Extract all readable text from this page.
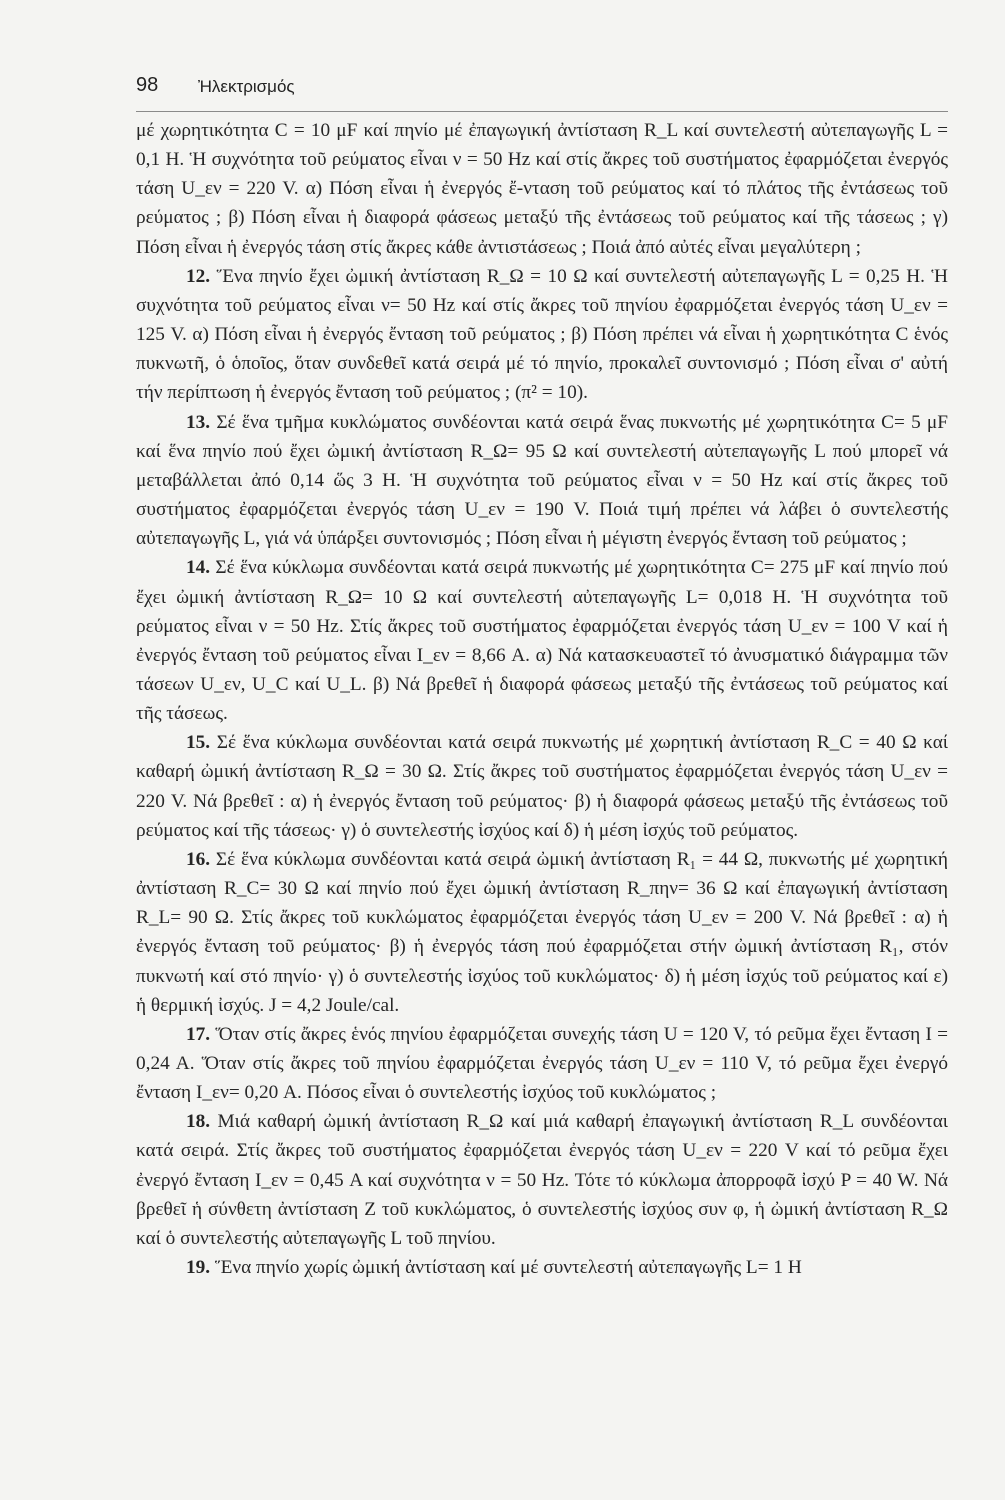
98 Ἠλεκτρισμός

μέ χωρητικότητα C = 10 μF καί πηνίο μέ ἐπαγωγική ἀντίσταση R_L καί συντελεστή αὐτεπαγωγῆς L = 0,1 H. Ἡ συχνότητα τοῦ ρεύματος εἶναι ν = 50 Hz καί στίς ἄκρες τοῦ συστήματος ἐφαρμόζεται ἐνεργός τάση U_εν = 220 V. α) Πόση εἶναι ἡ ἐνεργός ἔ-νταση τοῦ ρεύματος καί τό πλάτος τῆς ἐντάσεως τοῦ ρεύματος ; β) Πόση εἶναι ἡ διαφορά φάσεως μεταξύ τῆς ἐντάσεως τοῦ ρεύματος καί τῆς τάσεως ; γ) Πόση εἶναι ἡ ἐνεργός τάση στίς ἄκρες κάθε ἀντιστάσεως ; Ποιά ἀπό αὐτές εἶναι μεγαλύτερη ;

12. Ἕνα πηνίο ἔχει ὠμική ἀντίσταση R_Ω = 10 Ω καί συντελεστή αὐτεπαγωγῆς L = 0,25 H. Ἡ συχνότητα τοῦ ρεύματος εἶναι ν= 50 Hz καί στίς ἄκρες τοῦ πηνίου ἐφαρμόζεται ἐνεργός τάση U_εν = 125 V. α) Πόση εἶναι ἡ ἐνεργός ἔνταση τοῦ ρεύματος ; β) Πόση πρέπει νά εἶναι ἡ χωρητικότητα C ἑνός πυκνωτῆ, ὁ ὁποῖος, ὅταν συνδεθεῖ κατά σειρά μέ τό πηνίο, προκαλεῖ συντονισμό ; Πόση εἶναι σ' αὐτή τήν περίπτωση ἡ ἐνεργός ἔνταση τοῦ ρεύματος ; (π² = 10).

13. Σέ ἕνα τμῆμα κυκλώματος συνδέονται κατά σειρά ἕνας πυκνωτής μέ χωρητικότητα C= 5 μF καί ἕνα πηνίο πού ἔχει ὠμική ἀντίσταση R_Ω= 95 Ω καί συντελεστή αὐτεπαγωγῆς L πού μπορεῖ νά μεταβάλλεται ἀπό 0,14 ὥς 3 H. Ἡ συχνότητα τοῦ ρεύματος εἶναι ν = 50 Hz καί στίς ἄκρες τοῦ συστήματος ἐφαρμόζεται ἐνεργός τάση U_εν = 190 V. Ποιά τιμή πρέπει νά λάβει ὁ συντελεστής αὐτεπαγωγῆς L, γιά νά ὑπάρξει συντονισμός ; Πόση εἶναι ἡ μέγιστη ἐνεργός ἔνταση τοῦ ρεύματος ;

14. Σέ ἕνα κύκλωμα συνδέονται κατά σειρά πυκνωτής μέ χωρητικότητα C= 275 μF καί πηνίο πού ἔχει ὠμική ἀντίσταση R_Ω= 10 Ω καί συντελεστή αὐτεπαγωγῆς L= 0,018 H. Ἡ συχνότητα τοῦ ρεύματος εἶναι ν = 50 Hz. Στίς ἄκρες τοῦ συστήματος ἐφαρμόζεται ἐνεργός τάση U_εν = 100 V καί ἡ ἐνεργός ἔνταση τοῦ ρεύματος εἶναι I_εν = 8,66 A. α) Νά κατασκευαστεῖ τό ἀνυσματικό διάγραμμα τῶν τάσεων U_εν, U_C καί U_L. β) Νά βρεθεῖ ἡ διαφορά φάσεως μεταξύ τῆς ἐντάσεως τοῦ ρεύματος καί τῆς τάσεως.

15. Σέ ἕνα κύκλωμα συνδέονται κατά σειρά πυκνωτής μέ χωρητική ἀντίσταση R_C = 40 Ω καί καθαρή ὠμική ἀντίσταση R_Ω = 30 Ω. Στίς ἄκρες τοῦ συστήματος ἐφαρμόζεται ἐνεργός τάση U_εν = 220 V. Νά βρεθεῖ : α) ἡ ἐνεργός ἔνταση τοῦ ρεύματος· β) ἡ διαφορά φάσεως μεταξύ τῆς ἐντάσεως τοῦ ρεύματος καί τῆς τάσεως· γ) ὁ συντελεστής ἰσχύος καί δ) ἡ μέση ἰσχύς τοῦ ρεύματος.

16. Σέ ἕνα κύκλωμα συνδέονται κατά σειρά ὠμική ἀντίσταση R₁ = 44 Ω, πυκνωτής μέ χωρητική ἀντίσταση R_C= 30 Ω καί πηνίο πού ἔχει ὠμική ἀντίσταση R_πην= 36 Ω καί ἐπαγωγική ἀντίσταση R_L= 90 Ω. Στίς ἄκρες τοῦ κυκλώματος ἐφαρμόζεται ἐνεργός τάση U_εν = 200 V. Νά βρεθεῖ : α) ἡ ἐνεργός ἔνταση τοῦ ρεύματος· β) ἡ ἐνεργός τάση πού ἐφαρμόζεται στήν ὠμική ἀντίσταση R₁, στόν πυκνωτή καί στό πηνίο· γ) ὁ συντελεστής ἰσχύος τοῦ κυκλώματος· δ) ἡ μέση ἰσχύς τοῦ ρεύματος καί ε) ἡ θερμική ἰσχύς. J = 4,2 Joule/cal.

17. Ὅταν στίς ἄκρες ἑνός πηνίου ἐφαρμόζεται συνεχής τάση U = 120 V, τό ρεῦμα ἔχει ἔνταση I = 0,24 A. Ὅταν στίς ἄκρες τοῦ πηνίου ἐφαρμόζεται ἐνεργός τάση U_εν = 110 V, τό ρεῦμα ἔχει ἐνεργό ἔνταση I_εν= 0,20 A. Πόσος εἶναι ὁ συντελεστής ἰσχύος τοῦ κυκλώματος ;

18. Μιά καθαρή ὠμική ἀντίσταση R_Ω καί μιά καθαρή ἐπαγωγική ἀντίσταση R_L συνδέονται κατά σειρά. Στίς ἄκρες τοῦ συστήματος ἐφαρμόζεται ἐνεργός τάση U_εν = 220 V καί τό ρεῦμα ἔχει ἐνεργό ἔνταση I_εν = 0,45 A καί συχνότητα ν = 50 Hz. Τότε τό κύκλωμα ἀπορροφᾶ ἰσχύ P = 40 W. Νά βρεθεῖ ἡ σύνθετη ἀντίσταση Z τοῦ κυκλώματος, ὁ συντελεστής ἰσχύος συν φ, ἡ ὠμική ἀντίσταση R_Ω καί ὁ συντελεστής αὐτεπαγωγῆς L τοῦ πηνίου.

19. Ἕνα πηνίο χωρίς ὠμική ἀντίσταση καί μέ συντελεστή αὐτεπαγωγῆς L= 1 H
